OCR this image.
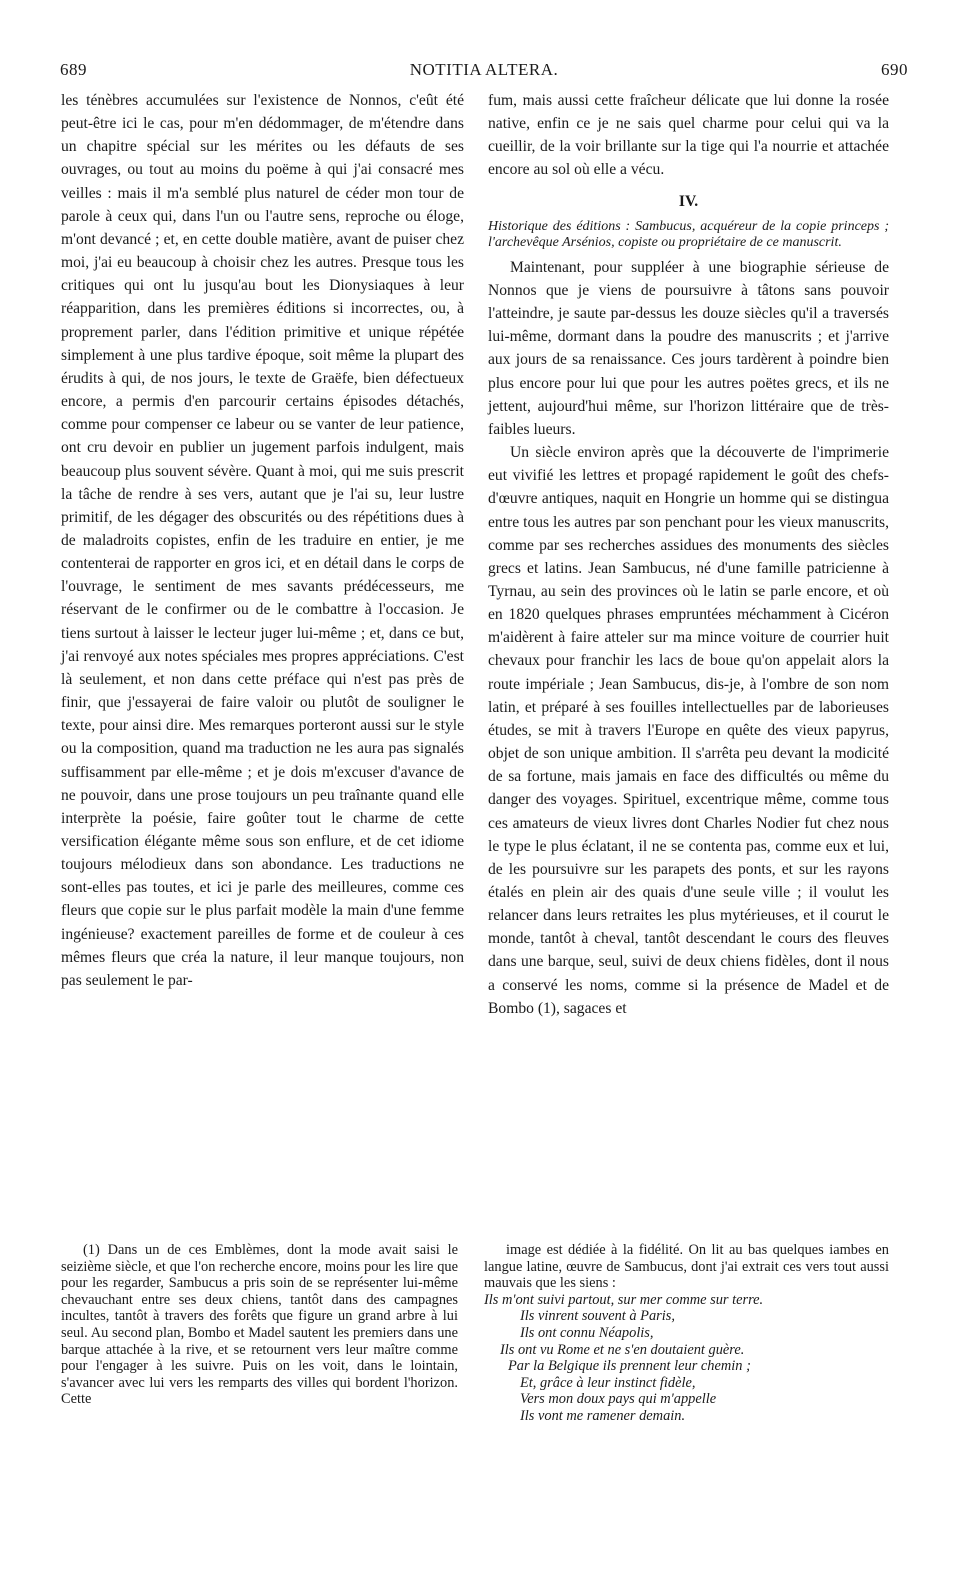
689	NOTITIA ALTERA.	690

les ténèbres accumulées sur l'existence de Nonnos, c'eût été peut-être ici le cas, pour m'en dédommager, de m'étendre dans un chapitre spécial sur les mérites ou les défauts de ses ouvrages, ou tout au moins du poëme à qui j'ai consacré mes veilles : mais il m'a semblé plus naturel de céder mon tour de parole à ceux qui, dans l'un ou l'autre sens, reproche ou éloge, m'ont devancé ; et, en cette double matière, avant de puiser chez moi, j'ai eu beaucoup à choisir chez les autres. Presque tous les critiques qui ont lu jusqu'au bout les Dionysiaques à leur réapparition, dans les premières éditions si incorrectes, ou, à proprement parler, dans l'édition primitive et unique répétée simplement à une plus tardive époque, soit même la plupart des érudits à qui, de nos jours, le texte de Graëfe, bien défectueux encore, a permis d'en parcourir certains épisodes détachés, comme pour compenser ce labeur ou se vanter de leur patience, ont cru devoir en publier un jugement parfois indulgent, mais beaucoup plus souvent sévère. Quant à moi, qui me suis prescrit la tâche de rendre à ses vers, autant que je l'ai su, leur lustre primitif, de les dégager des obscurités ou des répétitions dues à de maladroits copistes, enfin de les traduire en entier, je me contenterai de rapporter en gros ici, et en détail dans le corps de l'ouvrage, le sentiment de mes savants prédécesseurs, me réservant de le confirmer ou de le combattre à l'occasion. Je tiens surtout à laisser le lecteur juger lui-même ; et, dans ce but, j'ai renvoyé aux notes spéciales mes propres appréciations. C'est là seulement, et non dans cette préface qui n'est pas près de finir, que j'essayerai de faire valoir ou plutôt de souligner le texte, pour ainsi dire. Mes remarques porteront aussi sur le style ou la composition, quand ma traduction ne les aura pas signalés suffisamment par elle-même ; et je dois m'excuser d'avance de ne pouvoir, dans une prose toujours un peu traînante quand elle interprète la poésie, faire goûter tout le charme de cette versification élégante même sous son enflure, et de cet idiome toujours mélodieux dans son abondance. Les traductions ne sont-elles pas toutes, et ici je parle des meilleures, comme ces fleurs que copie sur le plus parfait modèle la main d'une femme ingénieuse? exactement pareilles de forme et de couleur à ces mêmes fleurs que créa la nature, il leur manque toujours, non pas seulement le par-

fum, mais aussi cette fraîcheur délicate que lui donne la rosée native, enfin ce je ne sais quel charme pour celui qui va la cueillir, de la voir brillante sur la tige qui l'a nourrie et attachée encore au sol où elle a vécu.

IV.

Historique des éditions : Sambucus, acquéreur de la copie princeps ; l'archevêque Arsénios, copiste ou propriétaire de ce manuscrit.

Maintenant, pour suppléer à une biographie sérieuse de Nonnos que je viens de poursuivre à tâtons sans pouvoir l'atteindre, je saute par-dessus les douze siècles qu'il a traversés lui-même, dormant dans la poudre des manuscrits ; et j'arrive aux jours de sa renaissance. Ces jours tardèrent à poindre bien plus encore pour lui que pour les autres poëtes grecs, et ils ne jettent, aujourd'hui même, sur l'horizon littéraire que de très-faibles lueurs.

Un siècle environ après que la découverte de l'imprimerie eut vivifié les lettres et propagé rapidement le goût des chefs-d'œuvre antiques, naquit en Hongrie un homme qui se distingua entre tous les autres par son penchant pour les vieux manuscrits, comme par ses recherches assidues des monuments des siècles grecs et latins. Jean Sambucus, né d'une famille patricienne à Tyrnau, au sein des provinces où le latin se parle encore, et où en 1820 quelques phrases empruntées méchamment à Cicéron m'aidèrent à faire atteler sur ma mince voiture de courrier huit chevaux pour franchir les lacs de boue qu'on appelait alors la route impériale ; Jean Sambucus, dis-je, à l'ombre de son nom latin, et préparé à ses fouilles intellectuelles par de laborieuses études, se mit à travers l'Europe en quête des vieux papyrus, objet de son unique ambition. Il s'arrêta peu devant la modicité de sa fortune, mais jamais en face des difficultés ou même du danger des voyages. Spirituel, excentrique même, comme tous ces amateurs de vieux livres dont Charles Nodier fut chez nous le type le plus éclatant, il ne se contenta pas, comme eux et lui, de les poursuivre sur les parapets des ponts, et sur les rayons étalés en plein air des quais d'une seule ville ; il voulut les relancer dans leurs retraites les plus mytérieuses, et il courut le monde, tantôt à cheval, tantôt descendant le cours des fleuves dans une barque, seul, suivi de deux chiens fidèles, dont il nous a conservé les noms, comme si la présence de Madel et de Bombo (1), sagaces et

(1) Dans un de ces Emblèmes, dont la mode avait saisi le seizième siècle, et que l'on recherche encore, moins pour les lire que pour les regarder, Sambucus a pris soin de se représenter lui-même chevauchant entre ses deux chiens, tantôt dans des campagnes incultes, tantôt à travers des forêts que figure un grand arbre à lui seul. Au second plan, Bombo et Madel sautent les premiers dans une barque attachée à la rive, et se retournent vers leur maître comme pour l'engager à les suivre. Puis on les voit, dans le lointain, s'avancer avec lui vers les remparts des villes qui bordent l'horizon. Cette

image est dédiée à la fidélité. On lit au bas quelques iambes en langue latine, œuvre de Sambucus, dont j'ai extrait ces vers tout aussi mauvais que les siens :

Ils m'ont suivi partout, sur mer comme sur terre.
Ils vinrent souvent à Paris,
Ils ont connu Néapolis,
Ils ont vu Rome et ne s'en doutaient guère.
Par la Belgique ils prennent leur chemin ;
Et, grâce à leur instinct fidèle,
Vers mon doux pays qui m'appelle
Ils vont me ramener demain.
